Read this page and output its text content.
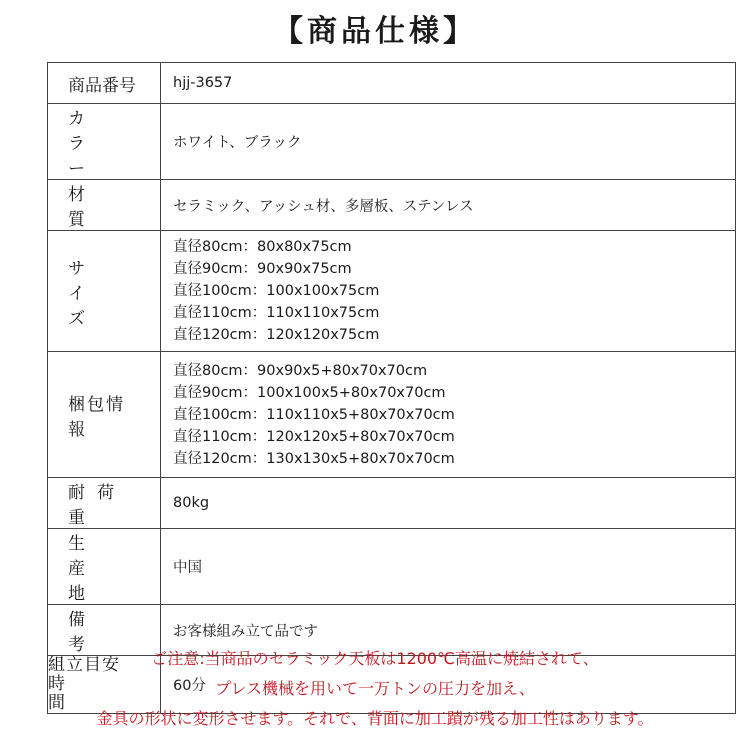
【商品仕様】
商品番号	hjj-3657

カラー	ホワイト、ブラック

材質	セラミック、アッシュ材、多層板、ステンレス

サイズ	直径80cm：80x80x75cm
直径90cm：90x90x75cm
直径100cm：100x100x75cm
直径110cm：110x110x75cm
直径120cm：120x120x75cm

梱包情報	直径80cm：90x90x5+80x70x70cm
直径90cm：100x100x5+80x70x70cm
直径100cm：110x110x5+80x70x70cm
直径110cm：120x120x5+80x70x70cm
直径120cm：130x130x5+80x70x70cm

耐荷重	80kg

生産地	中国

備考	お客様組み立て品です

組立目安
時間	60分
ご注意:当商品のセラミック天板は1200℃高温に焼結されて、
プレス機械を用いて一万トンの圧力を加え、
金具の形状に変形させます。それで、背面に加工蹟が残る加工性はあります。
